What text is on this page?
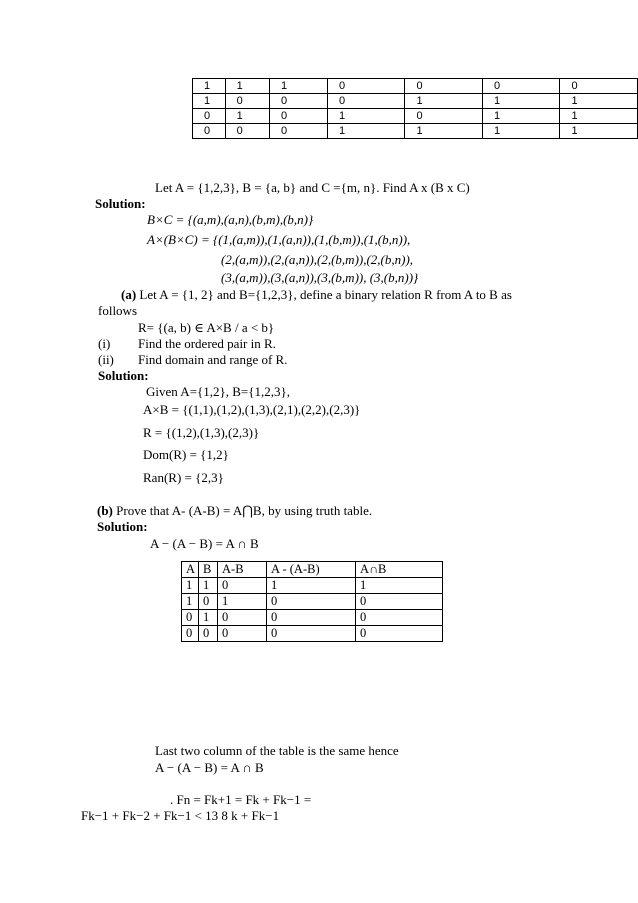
1	1	1	0	0	0	0
1	0	0	0	1	1	1
0	1	0	1	0	1	1
0	0	0	1	1	1	1
Let A = {1,2,3}, B = {a, b} and C ={m, n}. Find A x (B x C)
Solution:
B×C = {(a,m),(a,n),(b,m),(b,n)}
A×(B×C) = {(1,(a,m)),(1,(a,n)),(1,(b,m)),(1,(b,n)),
(2,(a,m)),(2,(a,n)),(2,(b,m)),(2,(b,n)),
(3,(a,m)),(3,(a,n)),(3,(b,m)), (3,(b,n))}
(a) Let A = {1, 2} and B={1,2,3}, define a binary relation R from A to B as
follows
R= {(a, b) ∈ A×B / a < b}
(i) Find the ordered pair in R.
(ii) Find domain and range of R.
Solution:
Given A={1,2}, B={1,2,3},
A×B = {(1,1),(1,2),(1,3),(2,1),(2,2),(2,3)}
R = {(1,2),(1,3),(2,3)}
Dom(R) = {1,2}
Ran(R) = {2,3}
(b) Prove that A- (A-B) = A⋂B, by using truth table.
Solution:
A − (A − B) = A ∩ B
A	B	A-B	A - (A-B)	A∩B
1	1	0	1	1
1	0	1	0	0
0	1	0	0	0
0	0	0	0	0
Last two column of the table is the same hence
A − (A − B) = A ∩ B
. Fn = Fk+1 = Fk + Fk−1 =
Fk−1 + Fk−2 + Fk−1 < 13 8 k + Fk−1
